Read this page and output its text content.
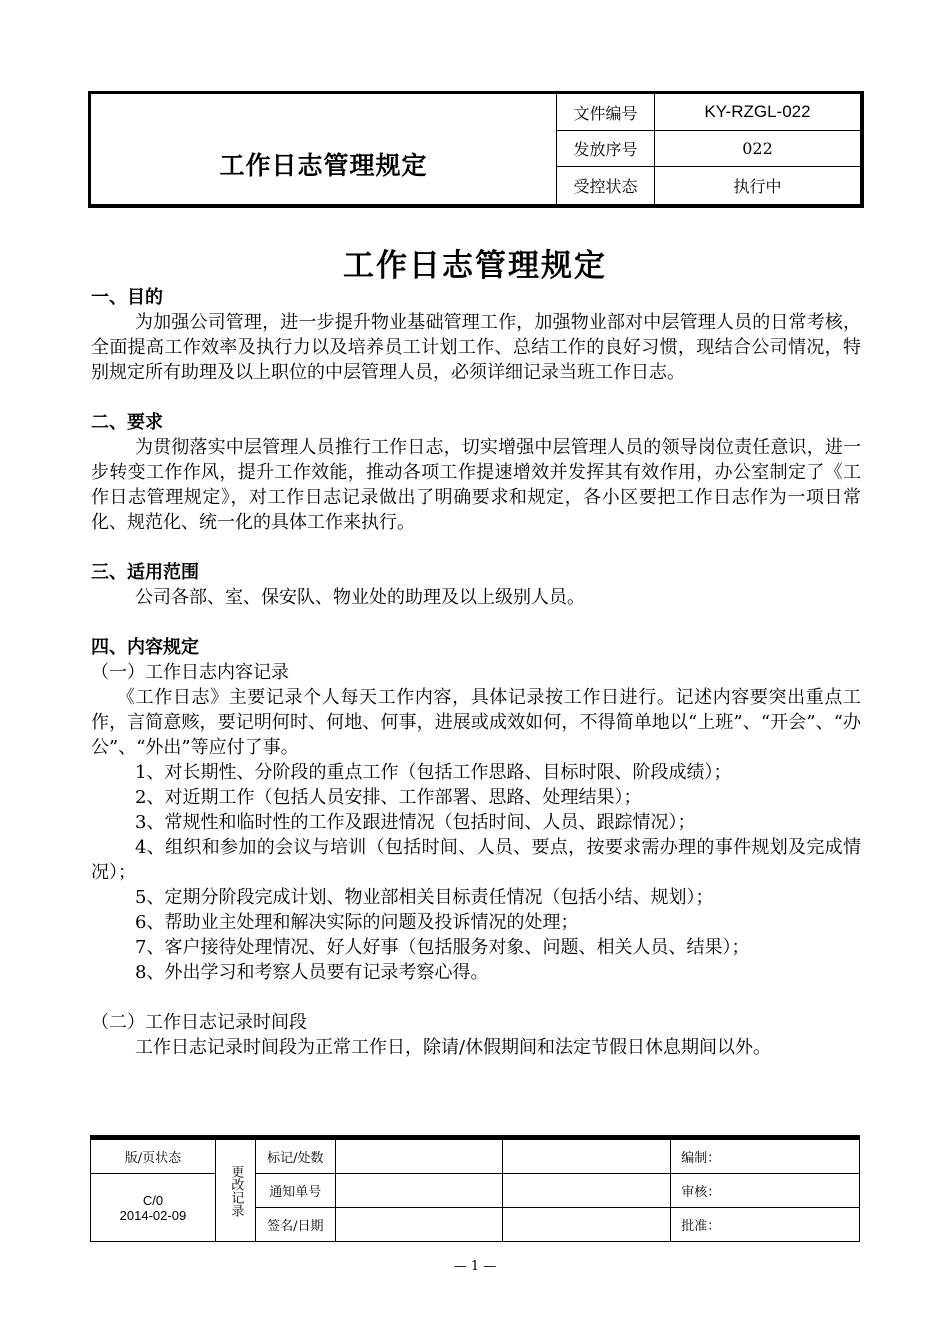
工作日志管理规定
文件编号	KY-RZGL-022
发放序号	022
受控状态	执行中
工作日志管理规定
一、目的

为加强公司管理，进一步提升物业基础管理工作，加强物业部对中层管理人员的日常考核，全面提高工作效率及执行力以及培养员工计划工作、总结工作的良好习惯，现结合公司情况，特别规定所有助理及以上职位的中层管理人员，必须详细记录当班工作日志。

二、要求

为贯彻落实中层管理人员推行工作日志，切实增强中层管理人员的领导岗位责任意识，进一步转变工作作风，提升工作效能，推动各项工作提速增效并发挥其有效作用，办公室制定了《工作日志管理规定》，对工作日志记录做出了明确要求和规定，各小区要把工作日志作为一项日常化、规范化、统一化的具体工作来执行。

三、适用范围

公司各部、室、保安队、物业处的助理及以上级别人员。

四、内容规定

（一）工作日志内容记录

《工作日志》主要记录个人每天工作内容，具体记录按工作日进行。记述内容要突出重点工作，言简意赅，要记明何时、何地、何事，进展或成效如何，不得简单地以“上班”、“开会”、“办公”、“外出”等应付了事。

1、对长期性、分阶段的重点工作（包括工作思路、目标时限、阶段成绩）；

2、对近期工作（包括人员安排、工作部署、思路、处理结果）；

3、常规性和临时性的工作及跟进情况（包括时间、人员、跟踪情况）；

4、组织和参加的会议与培训（包括时间、人员、要点，按要求需办理的事件规划及完成情况）；

5、定期分阶段完成计划、物业部相关目标责任情况（包括小结、规划）；

6、帮助业主处理和解决实际的问题及投诉情况的处理；

7、客户接待处理情况、好人好事（包括服务对象、问题、相关人员、结果）；

8、外出学习和考察人员要有记录考察心得。

（二）工作日志记录时间段

工作日志记录时间段为正常工作日，除请/休假期间和法定节假日休息期间以外。

版/页状态	更改记录	标记/处数			编制：

C/0
2014-02-09		通知单号			审核：
		签名/日期			批准：
— 1 —
